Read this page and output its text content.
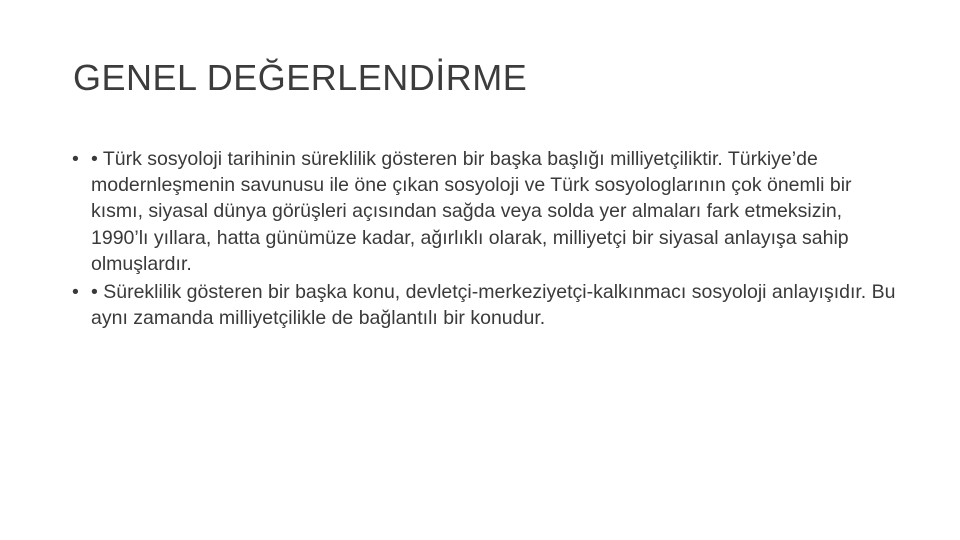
GENEL DEĞERLENDİRME
• • Türk sosyoloji tarihinin süreklilik gösteren bir başka başlığı milliyetçiliktir. Türkiye’de modernleşmenin savunusu ile öne çıkan sosyoloji ve Türk sosyologlarının çok önemli bir kısmı, siyasal dünya görüşleri açısından sağda veya solda yer almaları fark etmeksizin, 1990’lı yıllara, hatta günümüze kadar, ağırlıklı olarak, milliyetçi bir siyasal anlayışa sahip olmuşlardır.
• • Süreklilik gösteren bir başka konu, devletçi-merkeziyetçi-kalkınmacı sosyoloji anlayışıdır. Bu aynı zamanda milliyetçilikle de bağlantılı bir konudur.
